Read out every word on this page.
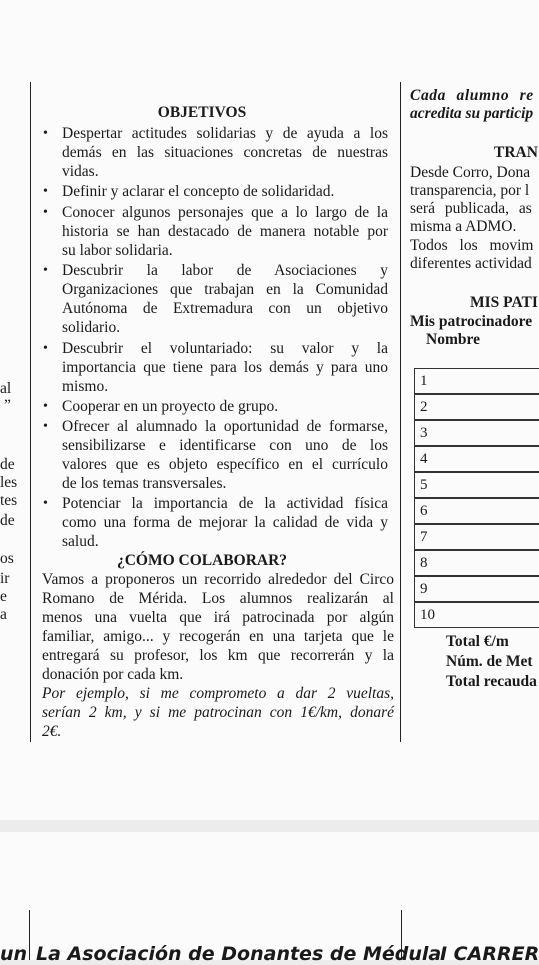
al
”
de
les
tes
de
os
ir
e
a
OBJETIVOS
• Despertar actitudes solidarias y de ayuda a los
demás en las situaciones concretas de nuestras
vidas.
• Definir y aclarar el concepto de solidaridad.
• Conocer algunos personajes que a lo largo de la
historia se han destacado de manera notable por
su labor solidaria.
• Descubrir la labor de Asociaciones y
Organizaciones que trabajan en la Comunidad
Autónoma de Extremadura con un objetivo
solidario.
• Descubrir el voluntariado: su valor y la
importancia que tiene para los demás y para uno
mismo.
• Cooperar en un proyecto de grupo.
• Ofrecer al alumnado la oportunidad de formarse,
sensibilizarse e identificarse con uno de los
valores que es objeto específico en el currículo
de los temas transversales.
• Potenciar la importancia de la actividad física
como una forma de mejorar la calidad de vida y
salud.
¿CÓMO COLABORAR?
Vamos a proponeros un recorrido alrededor del Circo
Romano de Mérida. Los alumnos realizarán al
menos una vuelta que irá patrocinada por algún
familiar, amigo... y recogerán en una tarjeta que le
entregará su profesor, los km que recorrerán y la
donación por cada km.
Por ejemplo, si me comprometo a dar 2 vueltas,
serían 2 km, y si me patrocinan con 1€/km, donaré
2€.
Cada alumno re
acredita su particip
TRAN
Desde Corro, Dona
transparencia, por l
será publicada, as
misma a ADMO.
Todos los movim
diferentes actividad
MIS PATI
Mis patrocinadore
Nombre
1
2
3
4
5
6
7
8
9
10
Total €/m
Núm. de Met
Total recauda
un La Asociación de Donantes de Médula
I CARRER
